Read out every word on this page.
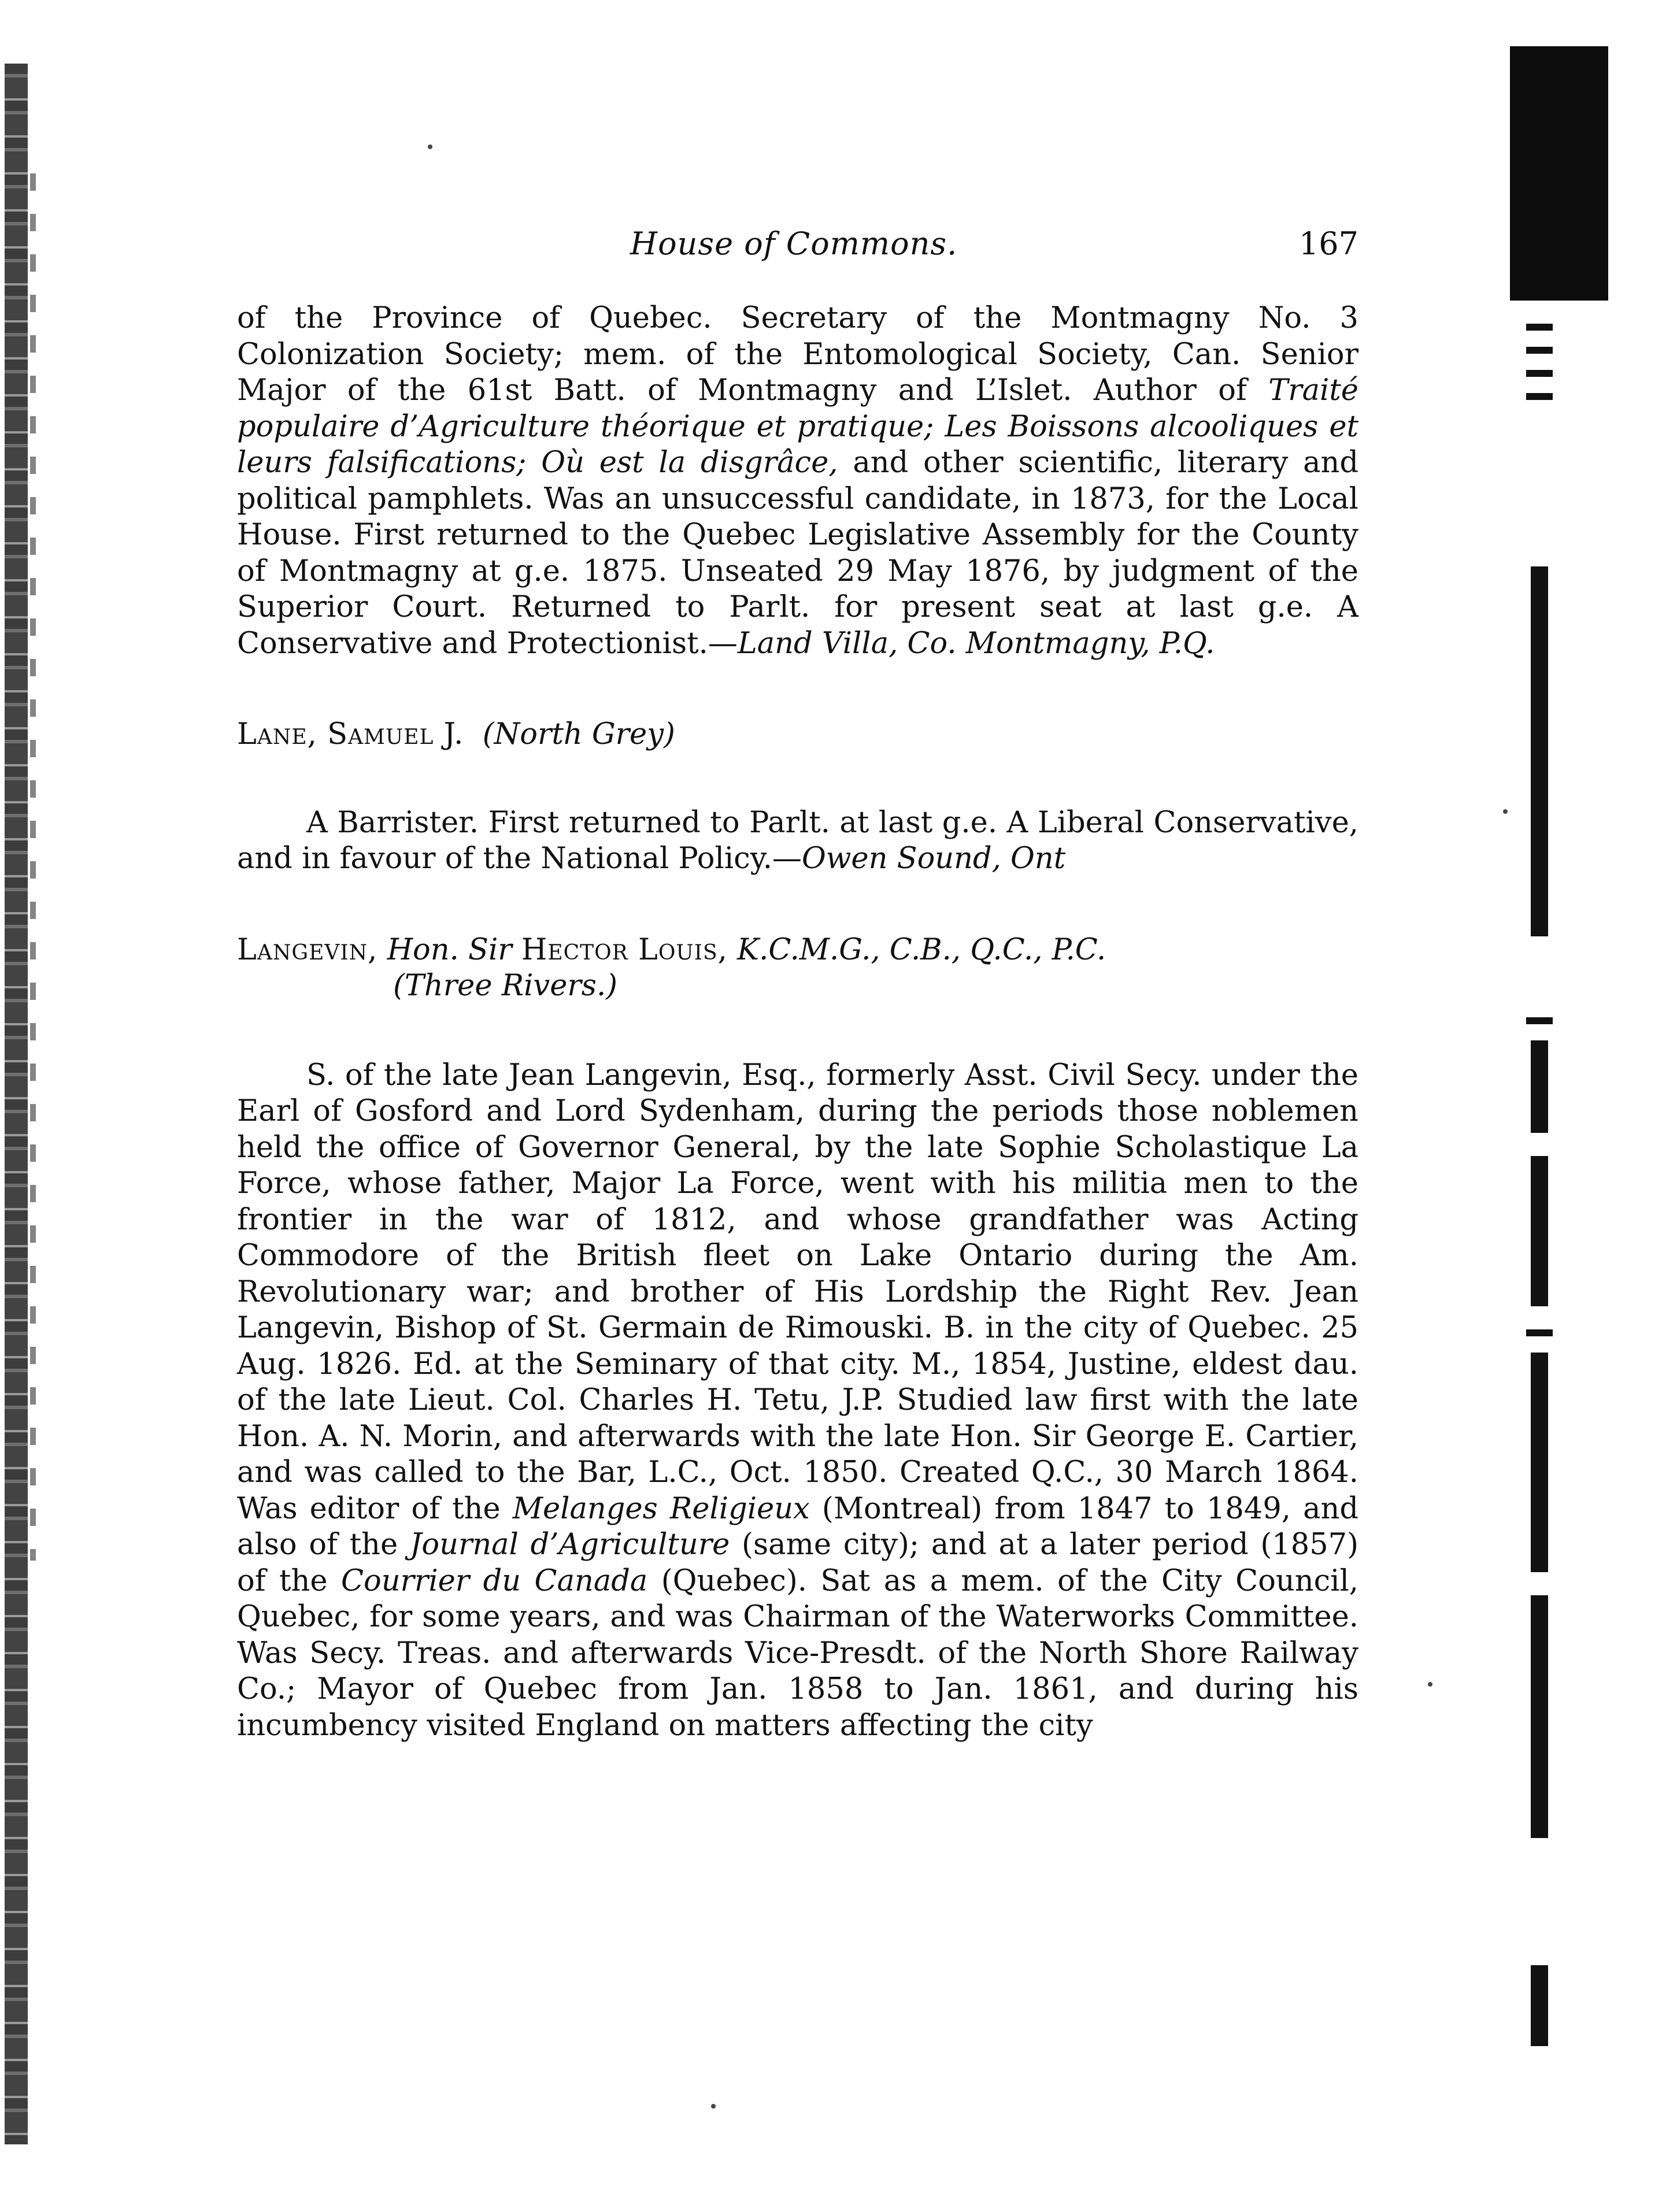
House of Commons.	167

of the Province of Quebec. Secretary of the Montmagny No. 3 Colonization Society; mem. of the Entomological Society, Can. Senior Major of the 61st Batt. of Montmagny and L’Islet. Author of Traité populaire d’Agriculture théorique et pratique; Les Boissons alcooliques et leurs falsifications; Où est la disgrâce, and other scientific, literary and political pamphlets. Was an unsuccessful candidate, in 1873, for the Local House. First returned to the Quebec Legislative Assembly for the County of Montmagny at g.e. 1875. Unseated 29 May 1876, by judgment of the Superior Court. Returned to Parlt. for present seat at last g.e. A Conservative and Protectionist.—Land Villa, Co. Montmagny, P.Q.

Lane, Samuel J. (North Grey)

A Barrister. First returned to Parlt. at last g.e. A Liberal Conservative, and in favour of the National Policy.—Owen Sound, Ont

Langevin, Hon. Sir Hector Louis, K.C.M.G., C.B., Q.C., P.C.

(Three Rivers.)

S. of the late Jean Langevin, Esq., formerly Asst. Civil Secy. under the Earl of Gosford and Lord Sydenham, during the periods those noblemen held the office of Governor General, by the late Sophie Scholastique La Force, whose father, Major La Force, went with his militia men to the frontier in the war of 1812, and whose grandfather was Acting Commodore of the British fleet on Lake Ontario during the Am. Revolutionary war; and brother of His Lordship the Right Rev. Jean Langevin, Bishop of St. Germain de Rimouski. B. in the city of Quebec. 25 Aug. 1826. Ed. at the Seminary of that city. M., 1854, Justine, eldest dau. of the late Lieut. Col. Charles H. Tetu, J.P. Studied law first with the late Hon. A. N. Morin, and afterwards with the late Hon. Sir George E. Cartier, and was called to the Bar, L.C., Oct. 1850. Created Q.C., 30 March 1864. Was editor of the Melanges Religieux (Montreal) from 1847 to 1849, and also of the Journal d’Agriculture (same city); and at a later period (1857) of the Courrier du Canada (Quebec). Sat as a mem. of the City Council, Quebec, for some years, and was Chairman of the Waterworks Committee. Was Secy. Treas. and afterwards Vice-Presdt. of the North Shore Railway Co.; Mayor of Quebec from Jan. 1858 to Jan. 1861, and during his incumbency visited England on matters affecting the city
